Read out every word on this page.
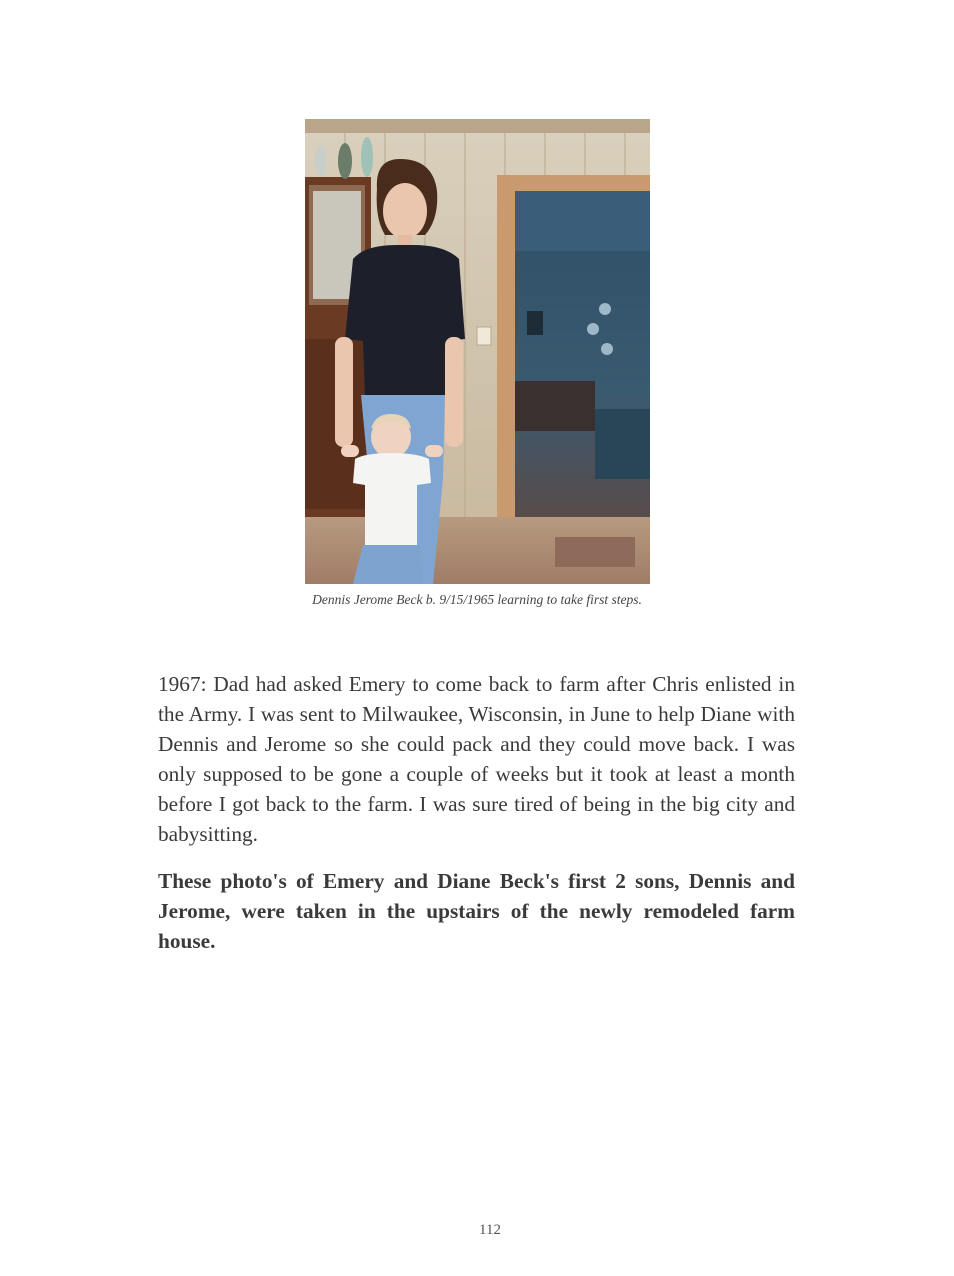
Dennis Jerome Beck b. 9/15/1965 learning to take first steps.

1967: Dad had asked Emery to come back to farm after Chris enlisted in the Army. I was sent to Milwaukee, Wisconsin, in June to help Diane with Dennis and Jerome so she could pack and they could move back. I was only supposed to be gone a couple of weeks but it took at least a month before I got back to the farm. I was sure tired of being in the big city and babysitting.

These photo's of Emery and Diane Beck's first 2 sons, Dennis and Jerome, were taken in the upstairs of the newly remodeled farm house.

112
